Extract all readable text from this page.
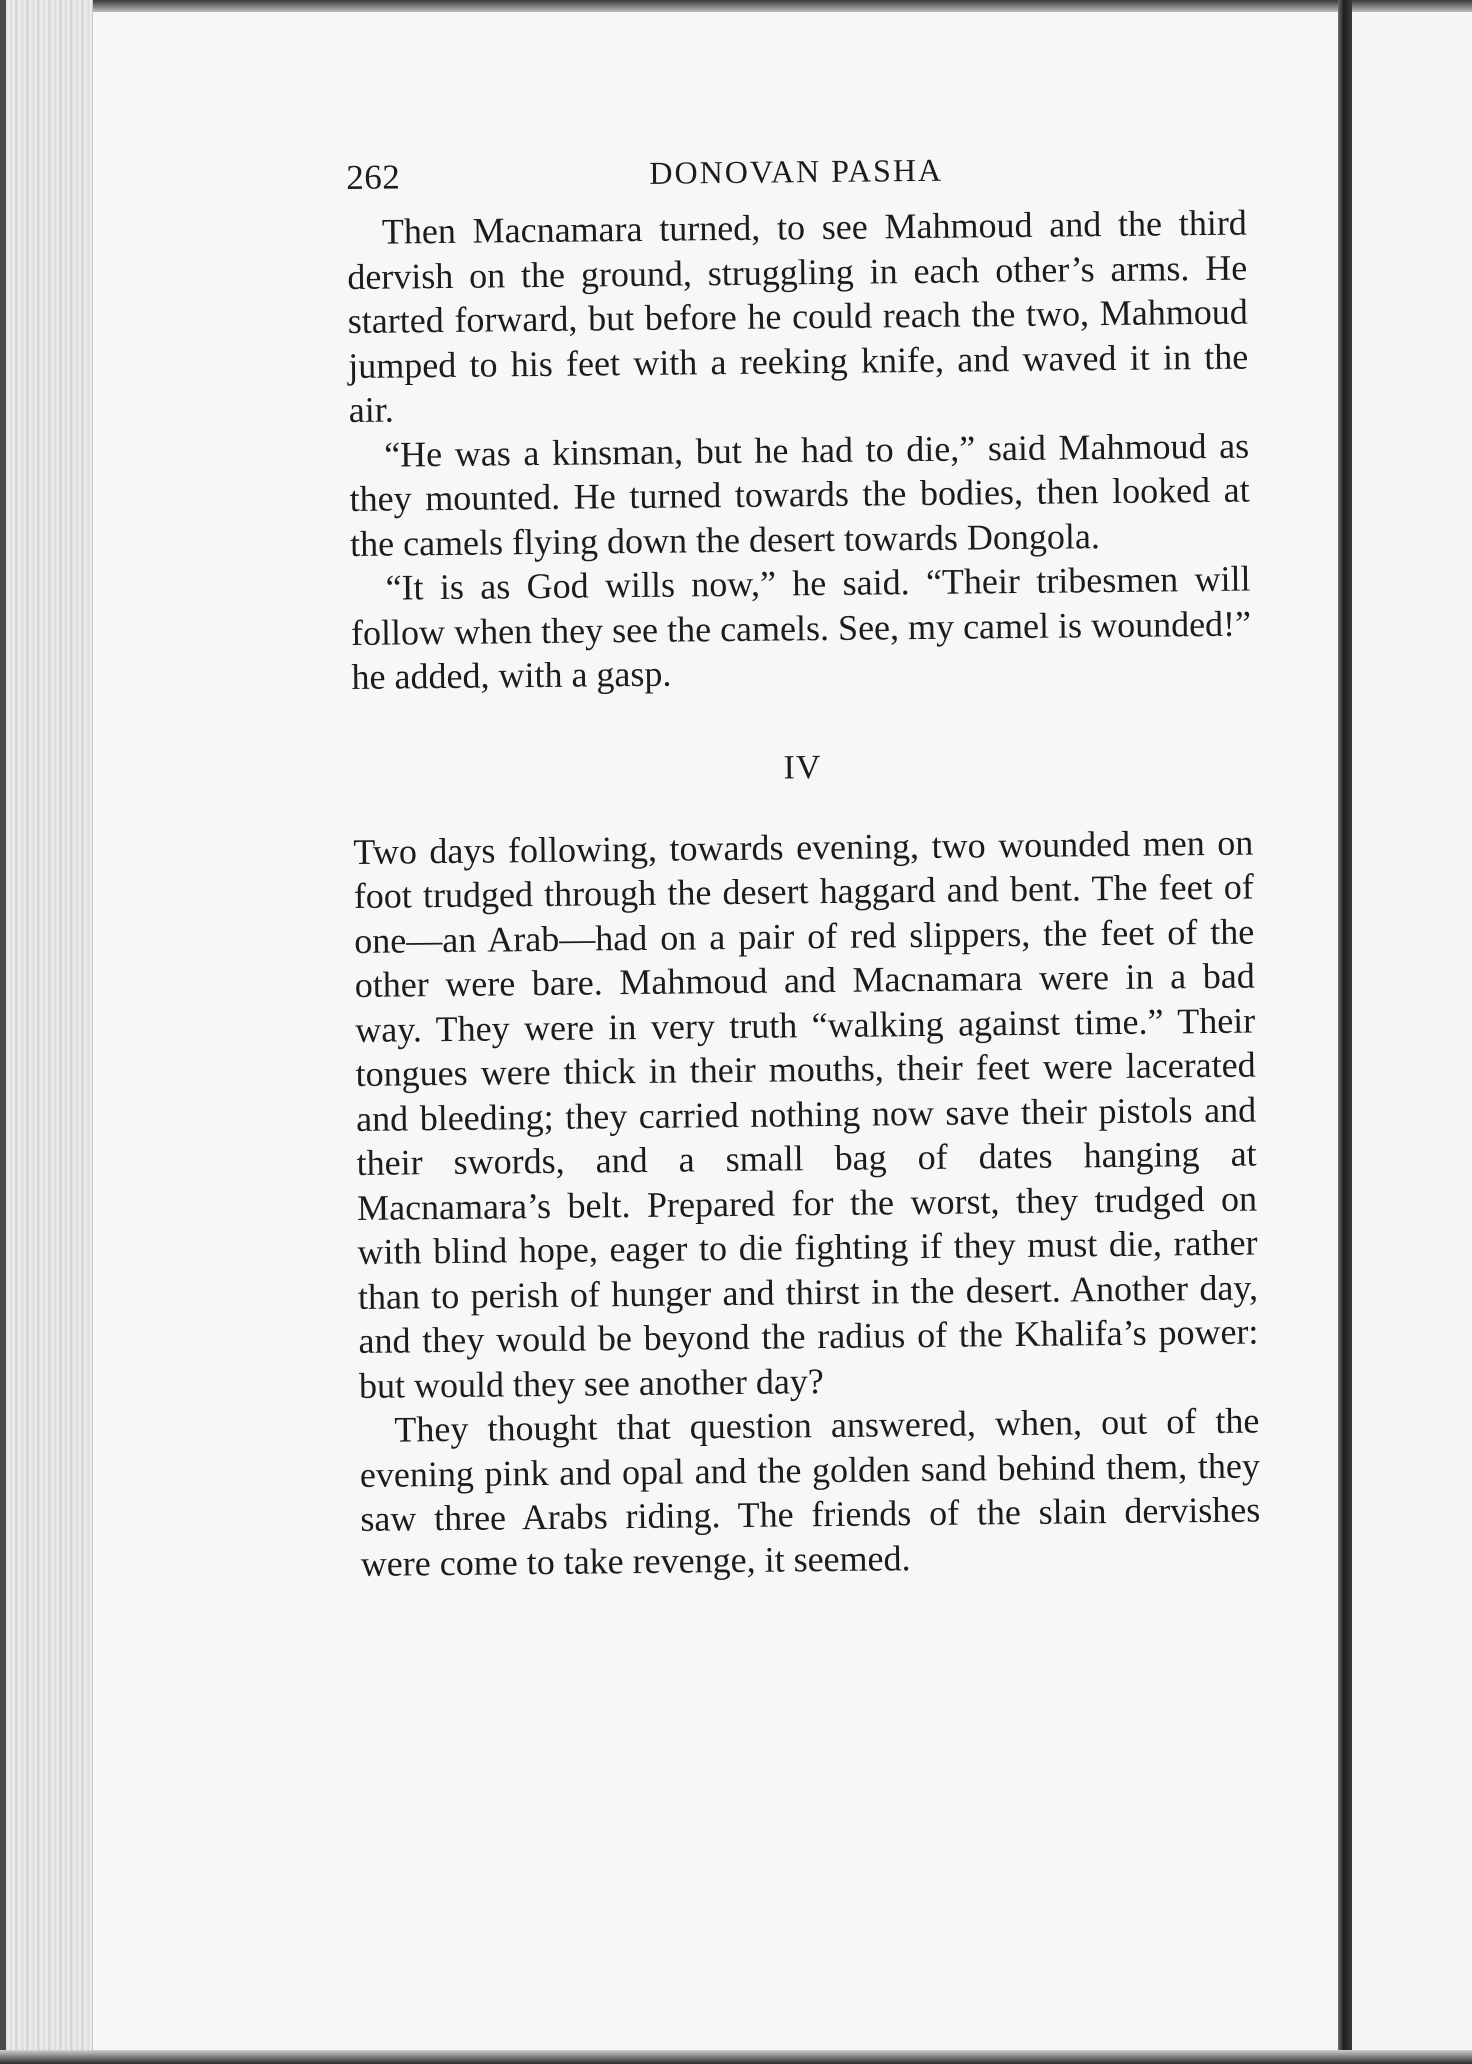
262	DONOVAN PASHA

Then Macnamara turned, to see Mahmoud and the third dervish on the ground, struggling in each other’s arms. He started forward, but before he could reach the two, Mahmoud jumped to his feet with a reeking knife, and waved it in the air.

“He was a kinsman, but he had to die,” said Mahmoud as they mounted. He turned towards the bodies, then looked at the camels flying down the desert towards Dongola.

“It is as God wills now,” he said. “Their tribesmen will follow when they see the camels. See, my camel is wounded!” he added, with a gasp.

IV

Two days following, towards evening, two wounded men on foot trudged through the desert haggard and bent. The feet of one—an Arab—had on a pair of red slippers, the feet of the other were bare. Mahmoud and Macnamara were in a bad way. They were in very truth “walking against time.” Their tongues were thick in their mouths, their feet were lacerated and bleeding; they carried nothing now save their pistols and their swords, and a small bag of dates hanging at Macnamara’s belt. Prepared for the worst, they trudged on with blind hope, eager to die fighting if they must die, rather than to perish of hunger and thirst in the desert. Another day, and they would be beyond the radius of the Khalifa’s power: but would they see another day?

They thought that question answered, when, out of the evening pink and opal and the golden sand behind them, they saw three Arabs riding. The friends of the slain dervishes were come to take revenge, it seemed.
